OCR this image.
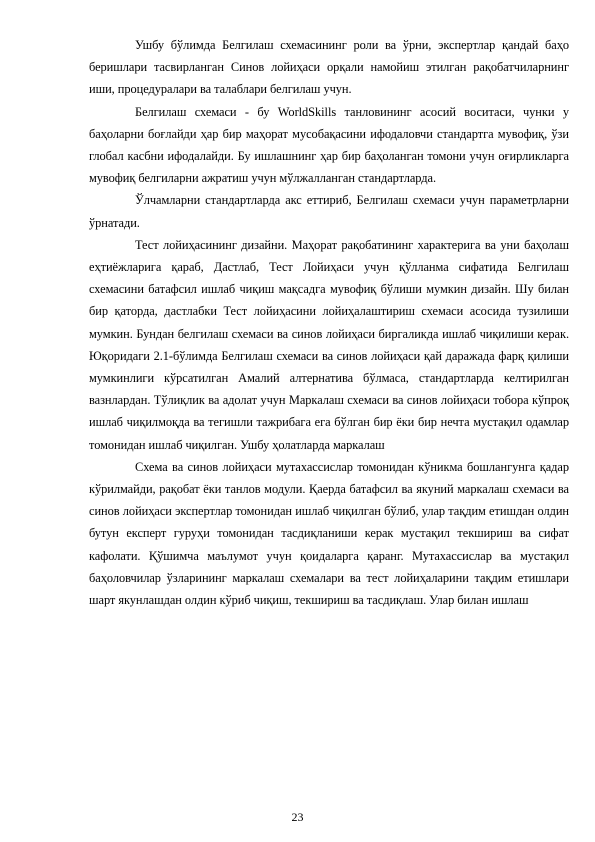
Ушбу бўлимда Белгилаш схемасининг роли ва ўрни, экспертлар қандай баҳо беришлари тасвирланган Синов лойиҳаси орқали намойиш этилган рақобатчиларнинг иши, процедуралари ва талаблари белгилаш учун.

Белгилаш схемаси - бу WorldSkills танловининг асосий воситаси, чунки у баҳоларни боғлайди ҳар бир маҳорат мусобақасини ифодаловчи стандартга мувофиқ, ўзи глобал касбни ифодалайди. Бу ишлашнинг ҳар бир баҳоланган томони учун оғирликларга мувофиқ белгиларни ажратиш учун мўлжалланган стандартларда.

Ўлчамларни стандартларда акс еттириб, Белгилаш схемаси учун параметрларни ўрнатади.

Тест лойиҳасининг дизайни. Маҳорат рақобатининг характерига ва уни баҳолаш еҳтиёжларига қараб, Дастлаб, Тест Лойиҳаси учун қўлланма сифатида Белгилаш схемасини батафсил ишлаб чиқиш мақсадга мувофиқ бўлиши мумкин дизайн. Шу билан бир қаторда, дастлабки Тест лойиҳасини лойиҳалаштириш схемаси асосида тузилиши мумкин. Бундан белгилаш схемаси ва синов лойиҳаси биргаликда ишлаб чиқилиши керак. Юқоридаги 2.1-бўлимда Белгилаш схемаси ва синов лойиҳаси қай даражада фарқ қилиши мумкинлиги кўрсатилган Амалий алтернатива бўлмаса, стандартларда келтирилган вазнлардан. Тўлиқлик ва адолат учун Маркалаш схемаси ва синов лойиҳаси тобора кўпроқ ишлаб чиқилмоқда ва тегишли тажрибага ега бўлган бир ёки бир нечта мустақил одамлар томонидан ишлаб чиқилган. Ушбу ҳолатларда маркалаш

Схема ва синов лойиҳаси мутахассислар томонидан кўникма бошлангунга қадар кўрилмайди, рақобат ёки танлов модули. Қаерда батафсил ва якуний маркалаш схемаси ва синов лойиҳаси экспертлар томонидан ишлаб чиқилган бўлиб, улар тақдим етишдан олдин бутун експерт гуруҳи томонидан тасдиқланиши керак мустақил текшириш ва сифат кафолати. Қўшимча маълумот учун қоидаларга қаранг. Мутахассислар ва мустақил баҳоловчилар ўзларининг маркалаш схемалари ва тест лойиҳаларини тақдим етишлари шарт якунлашдан олдин кўриб чиқиш, текшириш ва тасдиқлаш. Улар билан ишлаш

23
